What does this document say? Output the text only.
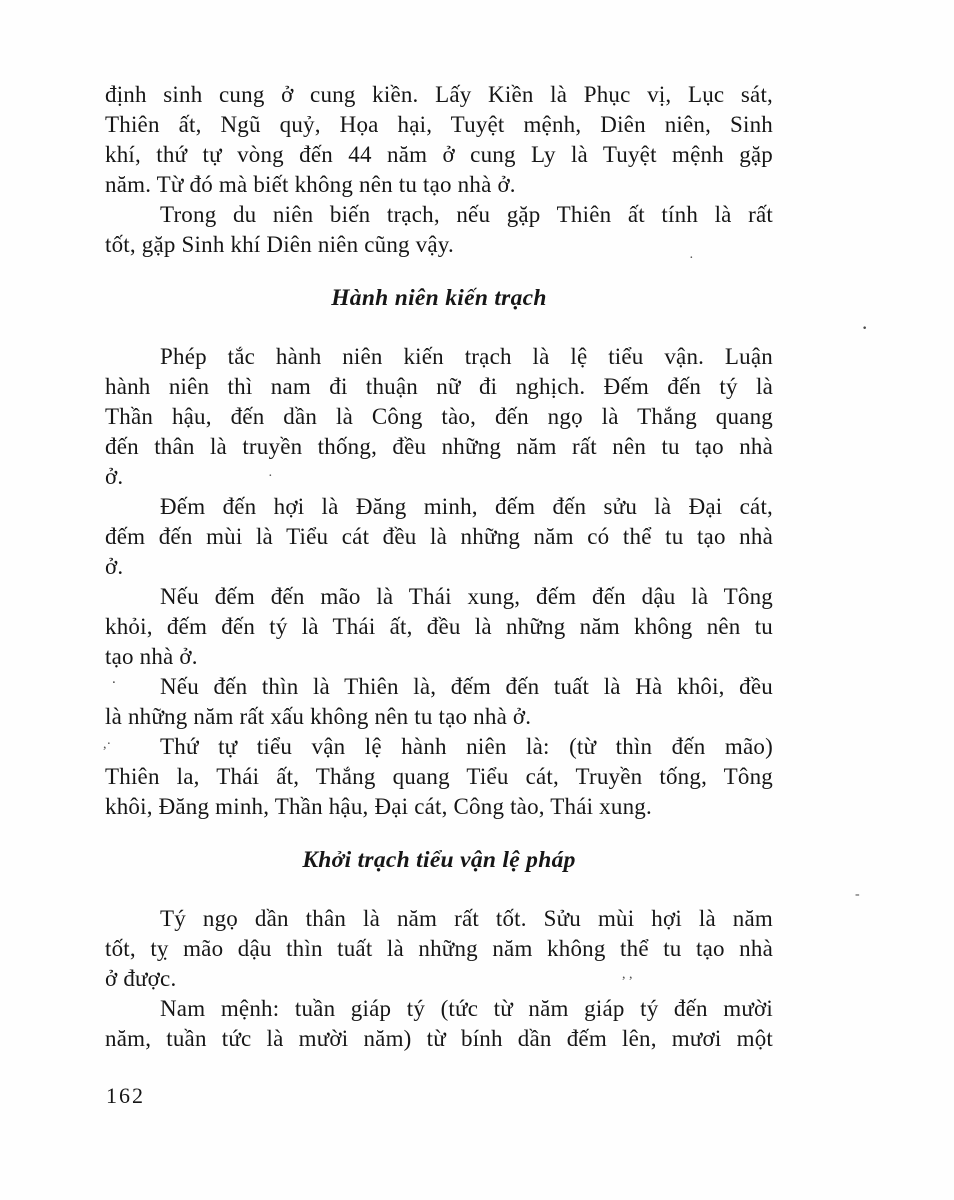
định sinh cung ở cung kiền. Lấy Kiền là Phục vị, Lục sát,
Thiên ất, Ngũ quỷ, Họa hại, Tuyệt mệnh, Diên niên, Sinh
khí, thứ tự vòng đến 44 năm ở cung Ly là Tuyệt mệnh gặp
năm. Từ đó mà biết không nên tu tạo nhà ở.
Trong du niên biến trạch, nếu gặp Thiên ất tính là rất
tốt, gặp Sinh khí Diên niên cũng vậy.
Hành niên kiến trạch
Phép tắc hành niên kiến trạch là lệ tiểu vận. Luận
hành niên thì nam đi thuận nữ đi nghịch. Đếm đến tý là
Thần hậu, đến dần là Công tào, đến ngọ là Thắng quang
đến thân là truyền thống, đều những năm rất nên tu tạo nhà
ở.
Đếm đến hợi là Đăng minh, đếm đến sửu là Đại cát,
đếm đến mùi là Tiểu cát đều là những năm có thể tu tạo nhà
ở.
Nếu đếm đến mão là Thái xung, đếm đến dậu là Tông
khỏi, đếm đến tý là Thái ất, đều là những năm không nên tu
tạo nhà ở.
Nếu đến thìn là Thiên là, đếm đến tuất là Hà khôi, đều
là những năm rất xấu không nên tu tạo nhà ở.
Thứ tự tiểu vận lệ hành niên là: (từ thìn đến mão)
Thiên la, Thái ất, Thắng quang Tiểu cát, Truyền tống, Tông
khôi, Đăng minh, Thần hậu, Đại cát, Công tào, Thái xung.
Khởi trạch tiểu vận lệ pháp
Tý ngọ dần thân là năm rất tốt. Sửu mùi hợi là năm
tốt, tỵ mão dậu thìn tuất là những năm không thể tu tạo nhà
ở được.
Nam mệnh: tuần giáp tý (tức từ năm giáp tý đến mười
năm, tuần tức là mười năm) từ bính dần đếm lên, mươi một
162
·
·
.
,·
·
, ,
-
